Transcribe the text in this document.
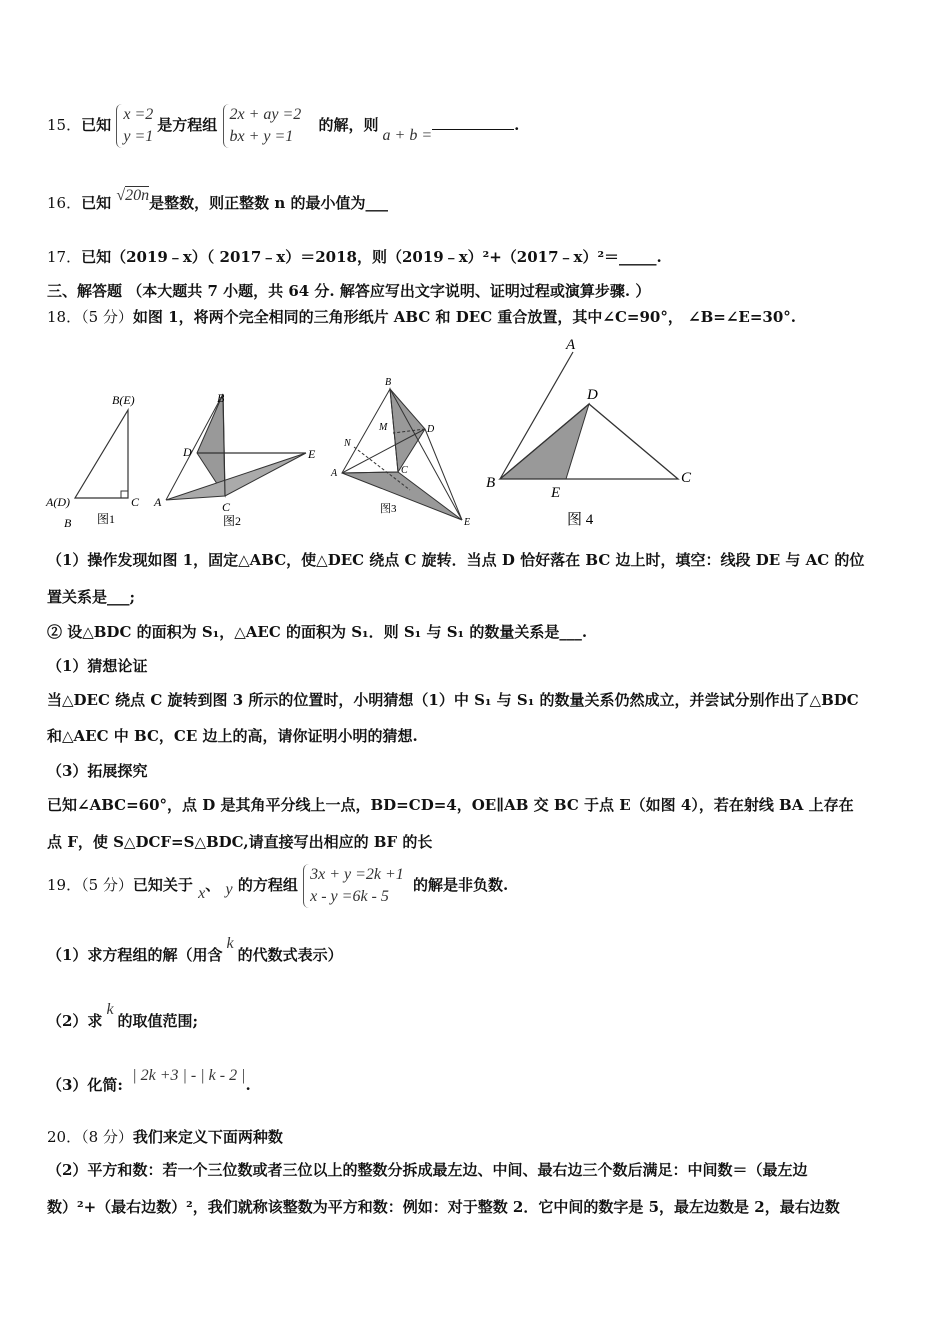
15．已知
x =2
y =1
是方程组
2x + ay =2
bx + y =1
的解，则a + b =.
16．已知 √20n是整数，则正整数 n 的最小值为___
17．已知（2019﹣x）（ 2017﹣x）＝2018，则（2019﹣x）²+（2017﹣x）²＝_____.
三、解答题 （本大题共 7 小题，共 64 分. 解答应写出文字说明、证明过程或演算步骤. ）
18．（5 分）如图 1，将两个完全相同的三角形纸片 ABC 和 DEC 重合放置，其中∠C=90°， ∠B=∠E=30°.
B(E)
A(D)	C
B 图1
B
D	E
A	C
图2
B
M	D
N
A	C
E
图3
A
D
B
E
C
图 4
（1）操作发现如图 1，固定△ABC，使△DEC 绕点 C 旋转．当点 D 恰好落在 BC 边上时，填空：线段 DE 与 AC 的位
置关系是___;
② 设△BDC 的面积为 S₁，△AEC 的面积为 S₁．则 S₁ 与 S₁ 的数量关系是___.
（1）猜想论证
当△DEC 绕点 C 旋转到图 3 所示的位置时，小明猜想（1）中 S₁ 与 S₁ 的数量关系仍然成立，并尝试分别作出了△BDC
和△AEC 中 BC，CE 边上的高，请你证明小明的猜想.
（3）拓展探究
已知∠ABC=60°，点 D 是其角平分线上一点，BD=CD=4，OE∥AB 交 BC 于点 E（如图 4），若在射线 BA 上存在
点 F，使 S△DCF=S△BDC,请直接写出相应的 BF 的长
19．（5 分）已知关于 x、 y 的方程组
3x + y =2k +1
x - y =6k - 5
的解是非负数.
（1）求方程组的解（用含k的代数式表示）
（2）求k的取值范围;
（3）化简: | 2k +3 | - | k - 2 |.
20．（8 分）我们来定义下面两种数
（2）平方和数：若一个三位数或者三位以上的整数分拆成最左边、中间、最右边三个数后满足：中间数＝（最左边
数）²+（最右边数）²，我们就称该整数为平方和数：例如：对于整数 2．它中间的数字是 5，最左边数是 2，最右边数
